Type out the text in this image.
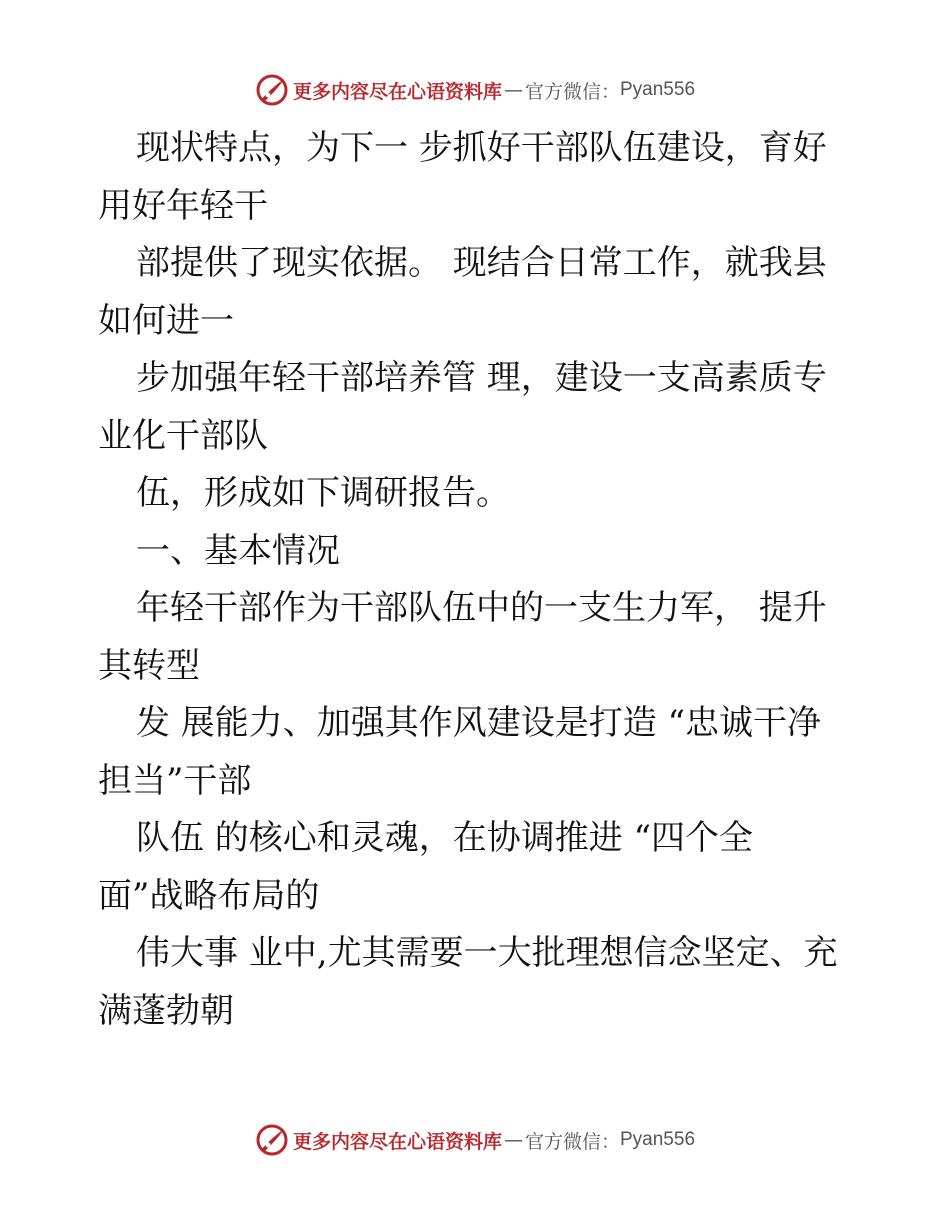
更多内容尽在心语资料库 — 官方微信： Pyan556
现状特点，为下一 步抓好干部队伍建设，育好
用好年轻干
部提供了现实依据。 现结合日常工作，就我县
如何进一
步加强年轻干部培养管 理，建设一支高素质专
业化干部队
伍，形成如下调研报告。
一、基本情况
年轻干部作为干部队伍中的一支生力军， 提升
其转型
发 展能力、加强其作风建设是打造 “忠诚干净
担当”干部
队伍 的核心和灵魂，在协调推进 “四个全
面”战略布局的
伟大事 业中,尤其需要一大批理想信念坚定、充
满蓬勃朝
更多内容尽在心语资料库 — 官方微信： Pyan556
